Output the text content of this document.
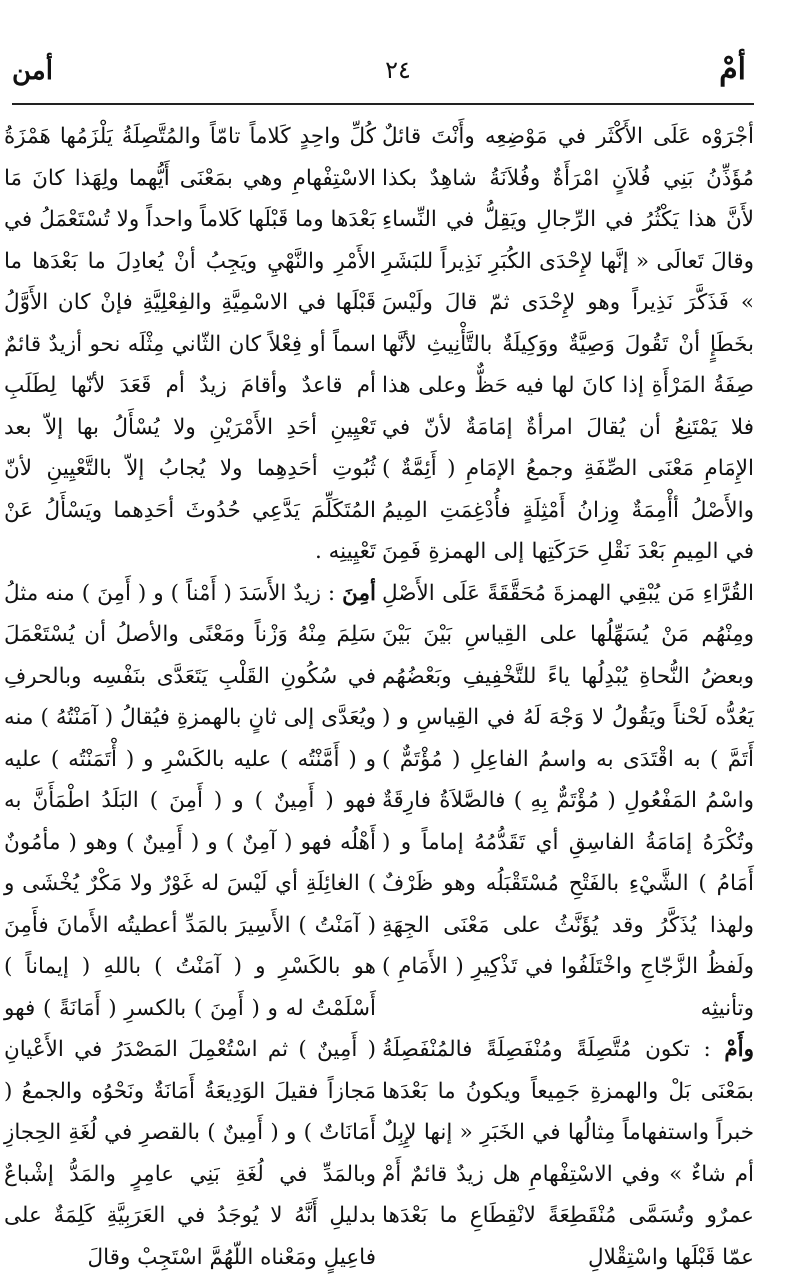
أمْ
٢٤
أمن

أجْرَوْه عَلَى الأَكْثَر في مَوْضِعِه وأَنْتَ قائلٌ مُؤَذِّنُ بَنِي فُلاَنٍ امْرَأَةٌ وفُلاَنَةُ شاهِدٌ بكذا لأَنَّ هذا يَكْثُرُ في الرِّجالِ ويَقِلُّ في النِّساءِ وقالَ تَعالَى « إنَّها لإِحْدَى الكُبَرِ نَذِيراً للبَشَرِ » فَذَكَّرَ نَذِيراً وهو لإِحْدَى ثمّ قالَ ولَيْسَ بخَطَإٍ أنْ تَقُولَ وَصِيَّةٌ ووَكِيلَةٌ بالتَّأْنِيثِ لأنَّها صِفَةُ المَرْأَةِ إذا كانَ لها فيه حَظٌّ وعلى هذا فلا يَمْتَنِعُ أن يُقالَ امرأةٌ إمَامَةٌ لأنّ في الإِمَامِ مَعْنَى الصِّفَةِ وجمعُ الإمَامِ ( أَئِمَّةٌ ) والأَصْلُ أأْمِمَةٌ وِزانُ أَمْثِلَةٍ فأُدْغِمَتِ المِيمُ في المِيمِ بَعْدَ نَقْلِ حَرَكَتِها إلى الهمزةِ فَمِنَ القُرَّاءِ مَن يُبْقِي الهمزةَ مُحَقَّقَةً عَلَى الأَصْلِ ومِنْهُم مَنْ يُسَهِّلُها على القِياسِ بَيْنَ بَيْنَ وبعضُ النُّحاةِ يُبْدِلُها ياءً للتَّخْفِيفِ وبَعْضُهُم يَعُدُّه لَحْناً ويَقُولُ لا وَجْهَ لَهُ في القِياسِ و ( أَتَمَّ ) به اقْتَدَى به واسمُ الفاعِلِ ( مُؤْتَمٌّ ) واسْمُ المَفْعُولِ ( مُؤْتَمٌّ بِهِ ) فالصَّلاَةُ فارِقَةٌ وتُكْرَهُ إمَامَةُ الفاسِقِ أي تَقَدُّمُهُ إماماً و ( أَمَامُ ) الشَّيْءِ بالفَتْحِ مُسْتَقْبَلُه وهو ظَرْفٌ ولهذا يُذَكَّرُ وقد يُؤَنَّثُ على مَعْنَى الجِهَةِ ولَفظُ الزَّجّاجِ واخْتَلَفُوا في تَذْكِيرِ ( الأَمَامِ ) وتأنيثِه

وأَمْ : تكون مُتَّصِلَةً ومُنْفَصِلَةً فالمُنْفَصِلَةُ بمَعْنَى بَلْ والهمزةِ جَمِيعاً ويكونُ ما بَعْدَها خبراً واستفهاماً مِثالُها في الخَبَرِ « إنها لإِبِلٌ أم شاءٌ » وفي الاسْتِفْهامِ هل زيدٌ قائمٌ أَمْ عمرٌو وتُسَمَّى مُنْقَطِعَةً لانْقِطَاعِ ما بَعْدَها عمّا قَبْلَها واسْتِقْلالِ

كُلِّ واحِدٍ كَلاماً تامّاً والمُتَّصِلَةُ يَلْزَمُها هَمْزَةُ الاسْتِفْهامِ وهي بمَعْنَى أَيُّهما ولِهَذا كانَ مَا بَعْدَها وما قَبْلَها كَلاماً واحداً ولا تُسْتَعْمَلُ في الأَمْرِ والنَّهْيِ ويَجِبُ أنْ يُعادِلَ ما بَعْدَها ما قَبْلَها في الاسْمِيَّةِ والفِعْلِيَّةِ فإنْ كان الأَوَّلُ اسماً أو فِعْلاً كان الثّاني مِثْلَه نحو أزيدٌ قائمٌ أم قاعدٌ وأقامَ زيدٌ أم قَعَدَ لأنّها لِطَلَبِ تَعْيِينِ أحَدِ الأَمْرَيْنِ ولا يُسْأَلُ بها إلاّ بعد ثُبُوتِ أحَدِهِما ولا يُجابُ إلاّ بالتَّعْيِينِ لأنّ المُتَكَلِّمَ يَدَّعِي حُدُوثَ أحَدِهما ويَسْأَلُ عَنْ تَعْيِينِه .

أمِنَ : زيدٌ الأَسَدَ ( أَمْناً ) و ( أَمِنَ ) منه مثلُ سَلِمَ مِنْهُ وَزْناً ومَعْنًى والأصلُ أن يُسْتَعْمَلَ في سُكُونِ القَلْبِ يَتَعَدَّى بنَفْسِه وبالحرفِ ويُعَدَّى إلى ثانٍ بالهمزةِ فيُقالُ ( آمَنْتُهُ ) منه و ( أَمَّنْتُه ) عليه بالكَسْرِ و ( أْتَمَنْتُه ) عليه فهو ( أَمِينٌ ) و ( أَمِنَ ) البَلَدُ اطْمَأَنَّ به أَهْلُه فهو ( آمِنٌ ) و ( أَمِينٌ ) وهو ( مأمُونٌ ) الغائِلَةِ أي لَيْسَ له غَوْرٌ ولا مَكْرٌ يُخْشَى و ( آمَنْتُ ) الأَسِيرَ بالمَدِّ أعطيتُه الأَمانَ فأَمِنَ هو بالكَسْرِ و ( آمَنْتُ ) باللهِ ( إيماناً ) أَسْلَمْتُ له و ( أَمِنَ ) بالكسرِ ( أَمَانَةً ) فهو ( أَمِينٌ ) ثم اسْتُعْمِلَ المَصْدَرُ في الأَعْيانِ مَجازاً فقيلَ الوَدِيعَةُ أَمَانَةٌ ونَحْوُه والجمعُ ( أَمَانَاتٌ ) و ( أَمِينٌ ) بالقصرِ في لُغَةِ الحِجازِ وبالمَدِّ في لُغَةِ بَنِي عامِرٍ والمَدُّ إشْباعٌ بدليلِ أَنَّهُ لا يُوجَدُ في العَرَبِيَّةِ كَلِمَةٌ على فاعِيلٍ ومَعْناه اللّهُمَّ اسْتَجِبْ وقالَ
